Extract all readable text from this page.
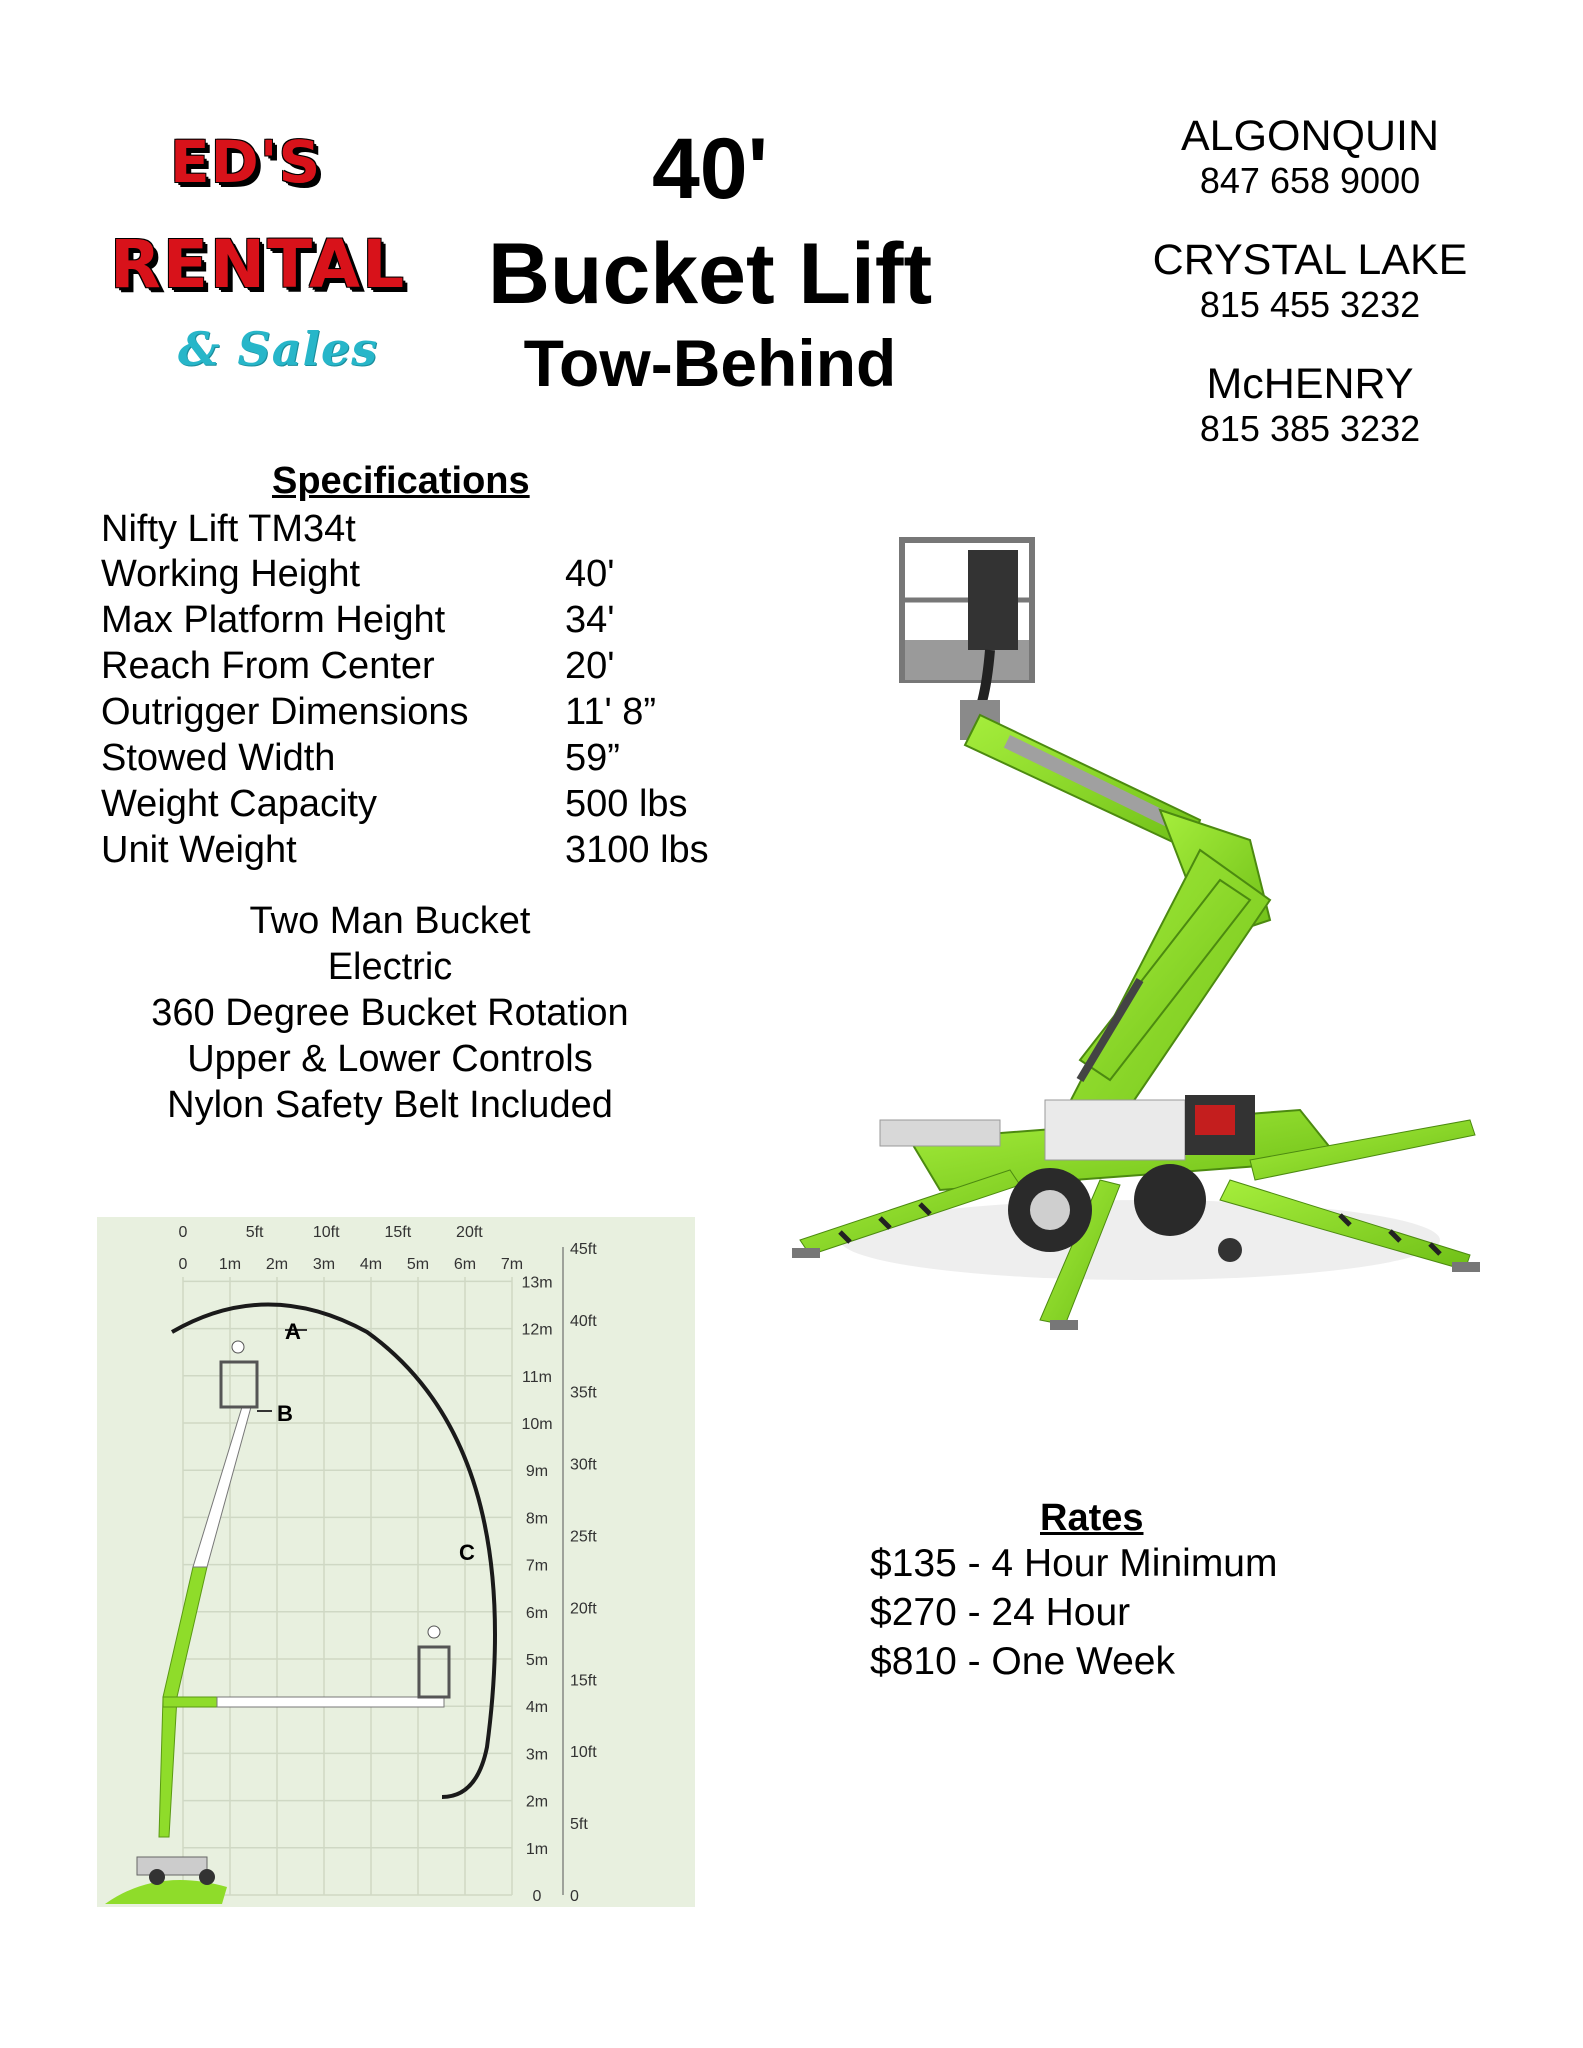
ED'S
RENTAL
& Sales
40'
Bucket Lift
Tow-Behind
ALGONQUIN
847 658 9000
CRYSTAL LAKE
815 455 3232
McHENRY
815 385 3232
Specifications
Nifty Lift TM34t
Working Height	40'
Max Platform Height	34'
Reach From Center	20'
Outrigger Dimensions	11' 8”
Stowed Width	59”
Weight Capacity	500 lbs
Unit Weight	3100 lbs
Two Man Bucket
Electric
360 Degree Bucket Rotation
Upper & Lower Controls
Nylon Safety Belt Included
A
B
C
0	5ft	10ft	15ft	20ft
0 1m 2m 3m 4m 5m 6m 7m
13m
12m
11m
10m
9m
8m
7m
6m
5m
4m
3m
2m
1m
0
45ft
40ft
35ft
30ft
25ft
20ft
15ft
10ft
5ft
0
Rates
$135 - 4 Hour Minimum
$270 - 24 Hour
$810 - One Week
